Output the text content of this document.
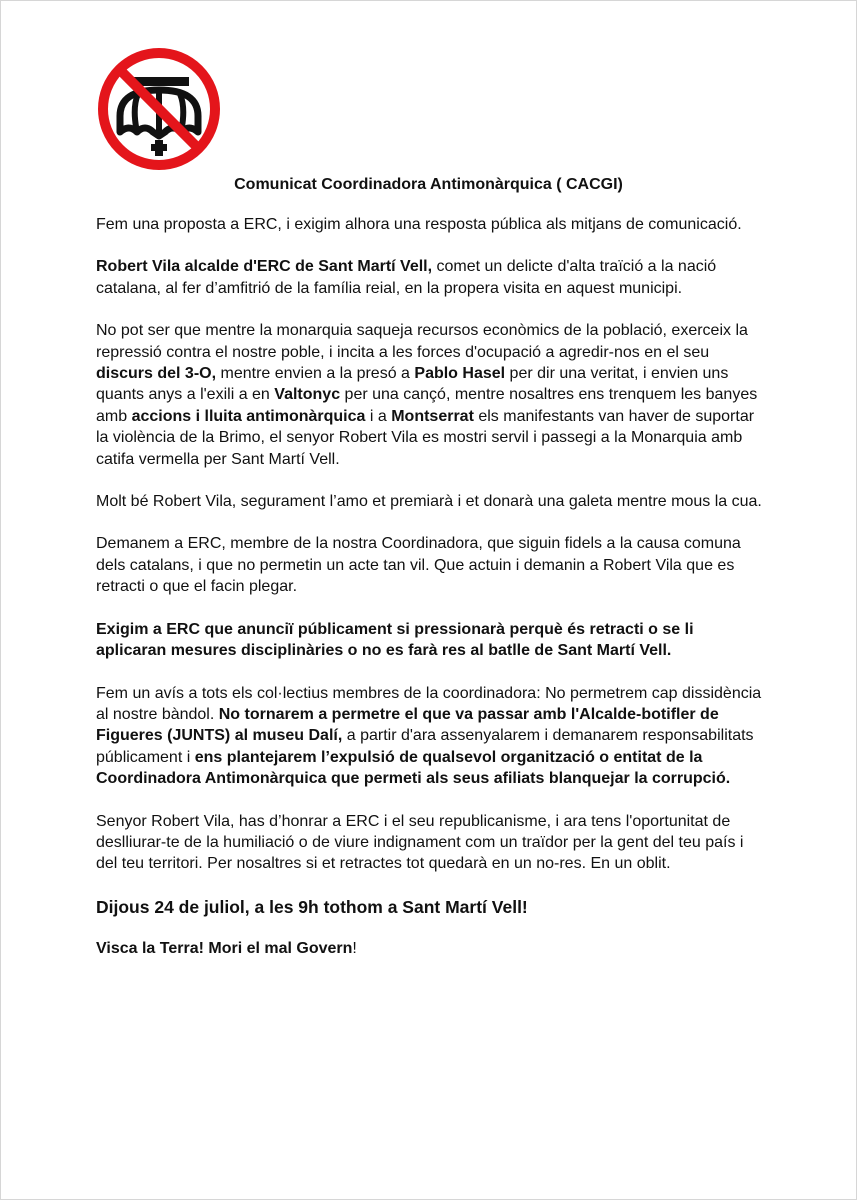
Comunicat Coordinadora Antimonàrquica ( CACGI)

Fem una proposta a ERC, i exigim alhora una resposta pública als mitjans de comunicació.

Robert Vila alcalde d'ERC de Sant Martí Vell, comet un delicte d'alta traïció a la nació catalana, al fer d’amfitrió de la família reial, en la propera visita en aquest municipi.

No pot ser que mentre la monarquia saqueja recursos econòmics de la població, exerceix la repressió contra el nostre poble, i incita a les forces d'ocupació a agredir-nos en el seu discurs del 3-O, mentre envien a la presó a Pablo Hasel per dir una veritat, i envien uns quants anys a l'exili a en Valtonyc per una cançó, mentre nosaltres ens trenquem les banyes amb accions i lluita antimonàrquica i a Montserrat els manifestants van haver de suportar la violència de la Brimo, el senyor Robert Vila es mostri servil i passegi a la Monarquia amb catifa vermella per Sant Martí Vell.

Molt bé Robert Vila, segurament l’amo et premiarà i et donarà una galeta mentre mous la cua.

Demanem a ERC, membre de la nostra Coordinadora, que siguin fidels a la causa comuna dels catalans, i que no permetin un acte tan vil. Que actuin i demanin a Robert Vila que es retracti o que el facin plegar.

Exigim a ERC que anunciï públicament si pressionarà perquè és retracti o se li aplicaran mesures disciplinàries o no es farà res al batlle de Sant Martí Vell.

Fem un avís a tots els col·lectius membres de la coordinadora: No permetrem cap dissidència al nostre bàndol. No tornarem a permetre el que va passar amb l'Alcalde-botifler de Figueres (JUNTS) al museu Dalí, a partir d'ara assenyalarem i demanarem responsabilitats públicament i ens plantejarem l’expulsió de qualsevol organització o entitat de la Coordinadora Antimonàrquica que permeti als seus afiliats blanquejar la corrupció.

Senyor Robert Vila, has d’honrar a ERC i el seu republicanisme, i ara tens l'oportunitat de deslliurar-te de la humiliació o de viure indignament com un traïdor per la gent del teu país i del teu territori. Per nosaltres si et retractes tot quedarà en un no-res. En un oblit.

Dijous 24 de juliol, a les 9h tothom a Sant Martí Vell!

Visca la Terra! Mori el mal Govern!
